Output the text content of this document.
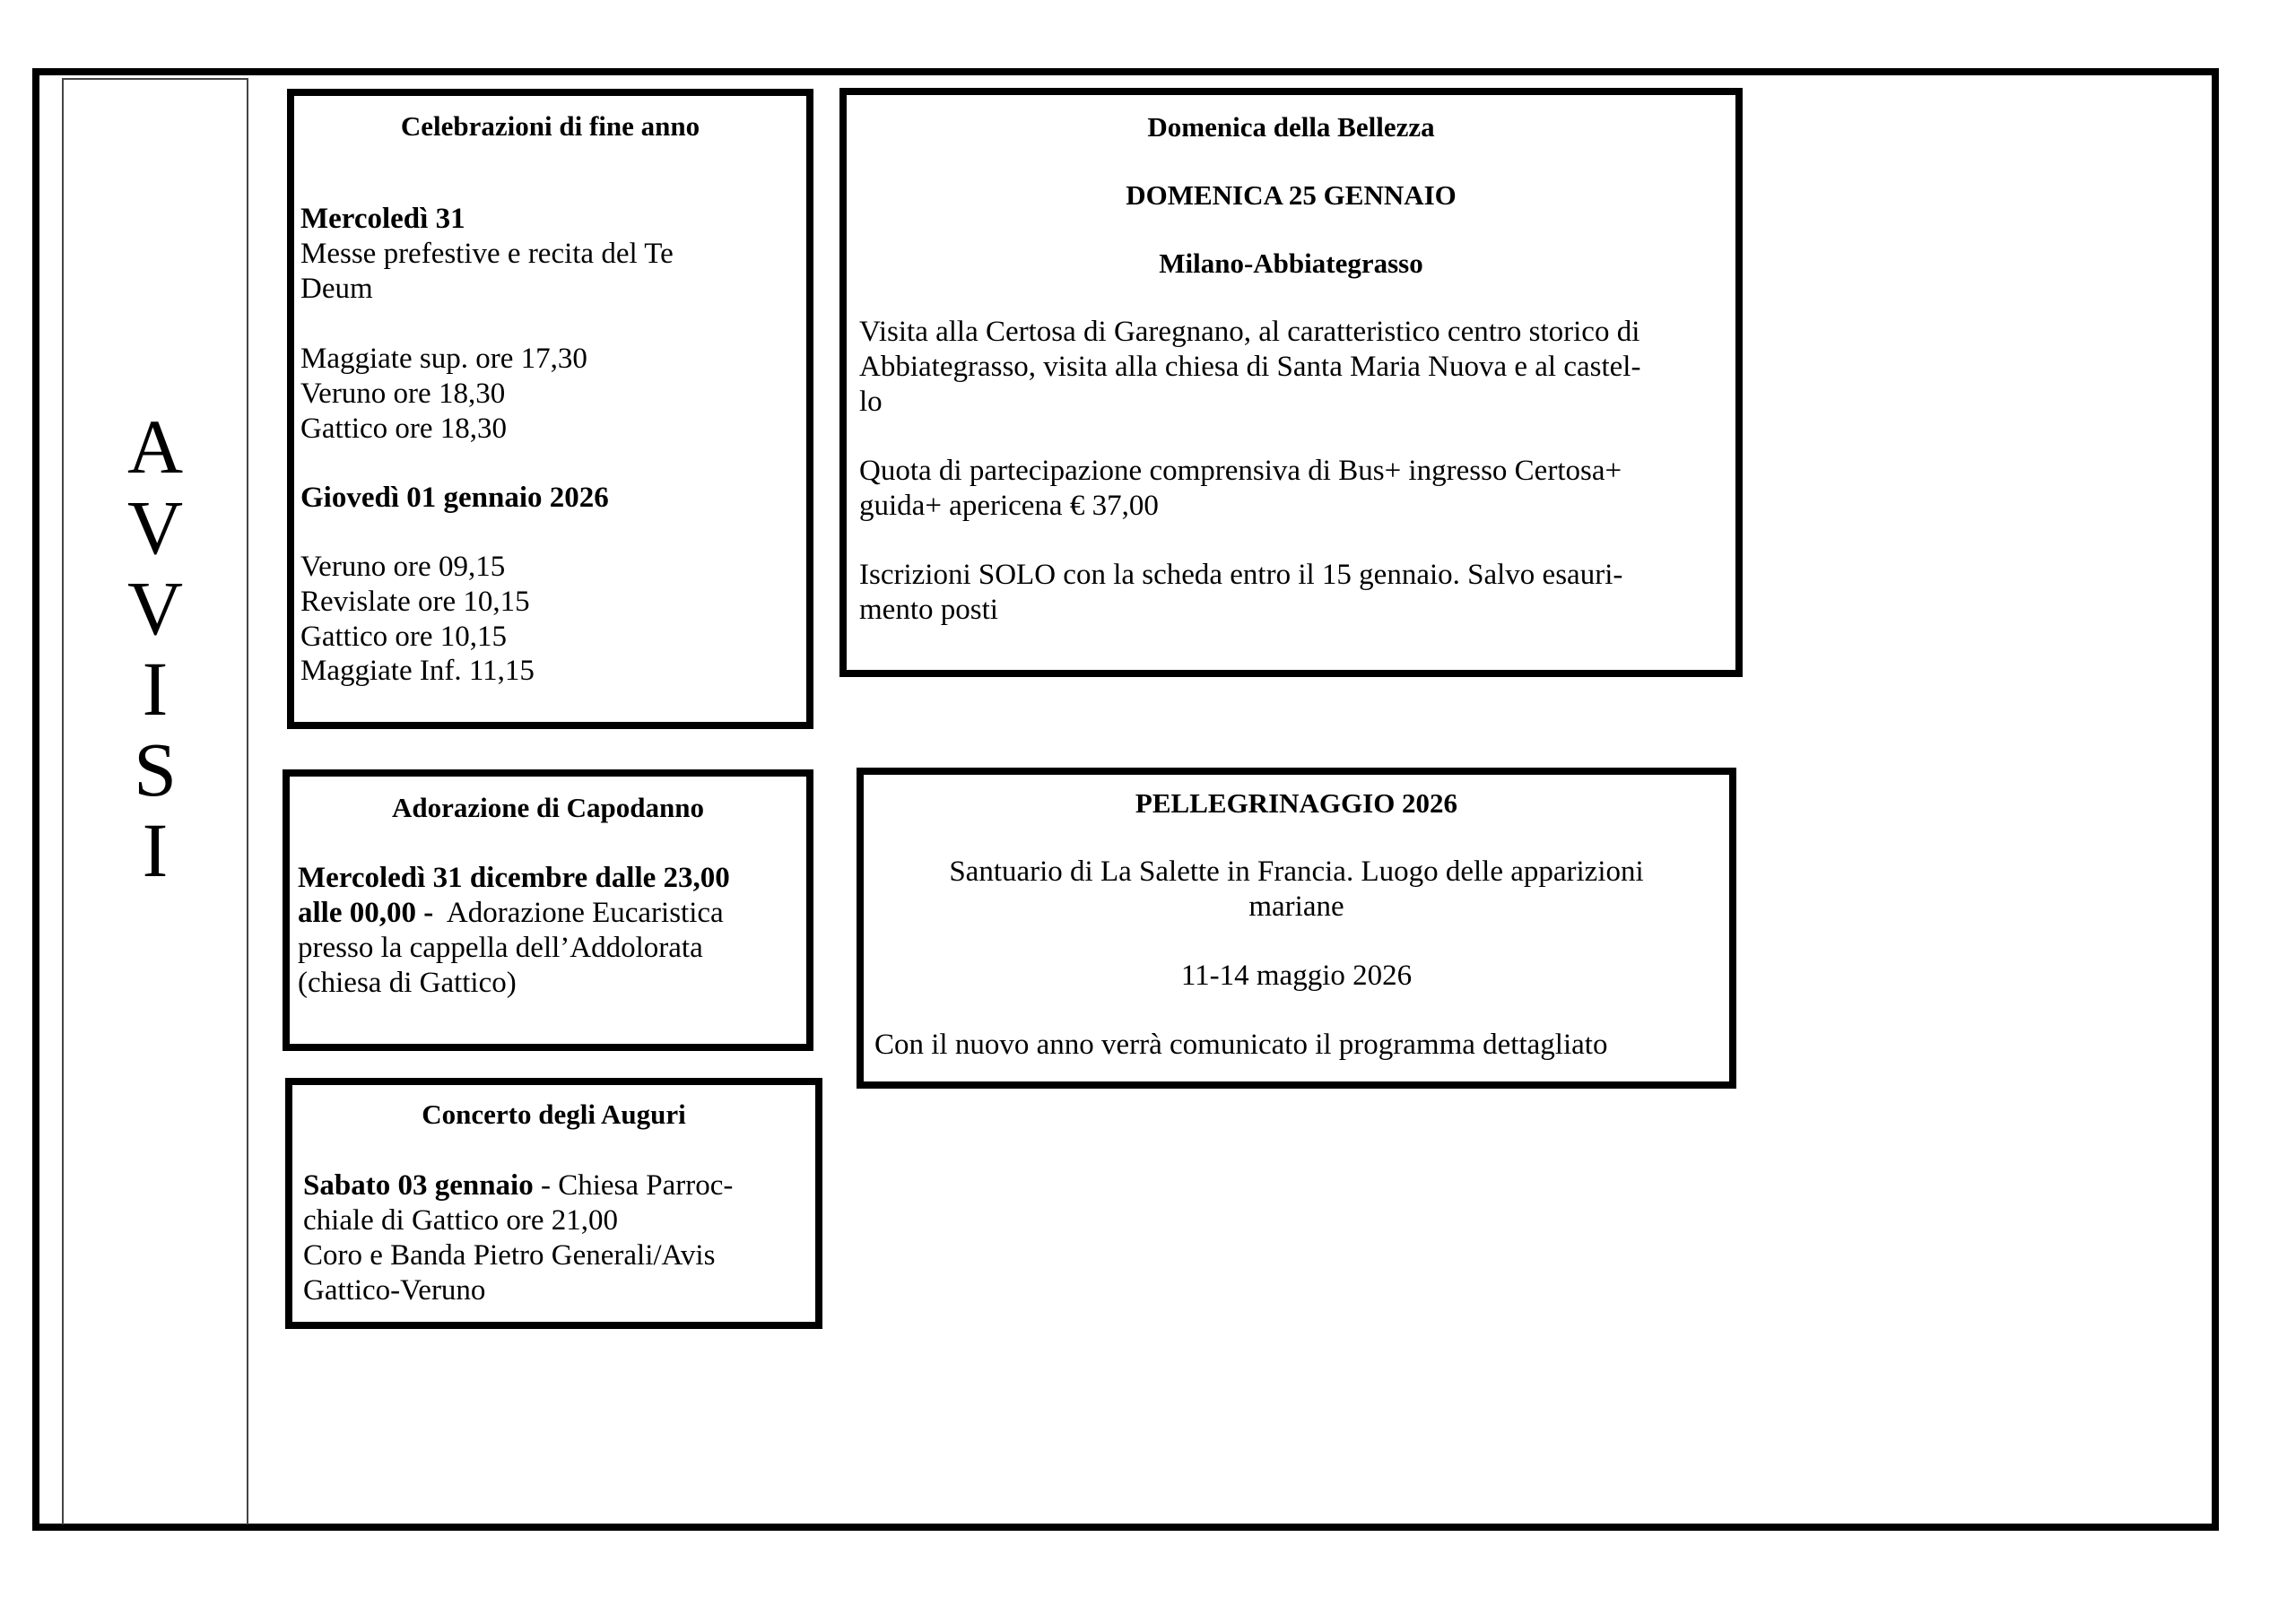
A
V
V
I
S
I
Celebrazioni di fine anno
Mercoledì 31
Messe prefestive e recita del Te
Deum
Maggiate sup. ore 17,30
Veruno ore 18,30
Gattico ore 18,30
Giovedì 01 gennaio 2026
Veruno ore 09,15
Revislate ore 10,15
Gattico ore 10,15
Maggiate Inf. 11,15
Domenica della Bellezza
DOMENICA 25 GENNAIO
Milano-Abbiategrasso
Visita alla Certosa di Garegnano, al caratteristico centro storico di
Abbiategrasso, visita alla chiesa di Santa Maria Nuova e al castel-
lo
Quota di partecipazione comprensiva di Bus+ ingresso Certosa+
guida+ apericena € 37,00
Iscrizioni SOLO con la scheda entro il 15 gennaio. Salvo esauri-
mento posti
Adorazione di Capodanno
Mercoledì 31 dicembre dalle 23,00
alle 00,00 -  Adorazione Eucaristica
presso la cappella dell’Addolorata
(chiesa di Gattico)
Concerto degli Auguri
Sabato 03 gennaio - Chiesa Parroc-
chiale di Gattico ore 21,00
Coro e Banda Pietro Generali/Avis
Gattico-Veruno
PELLEGRINAGGIO 2026
Santuario di La Salette in Francia. Luogo delle apparizioni
mariane
11-14 maggio 2026
Con il nuovo anno verrà comunicato il programma dettagliato
